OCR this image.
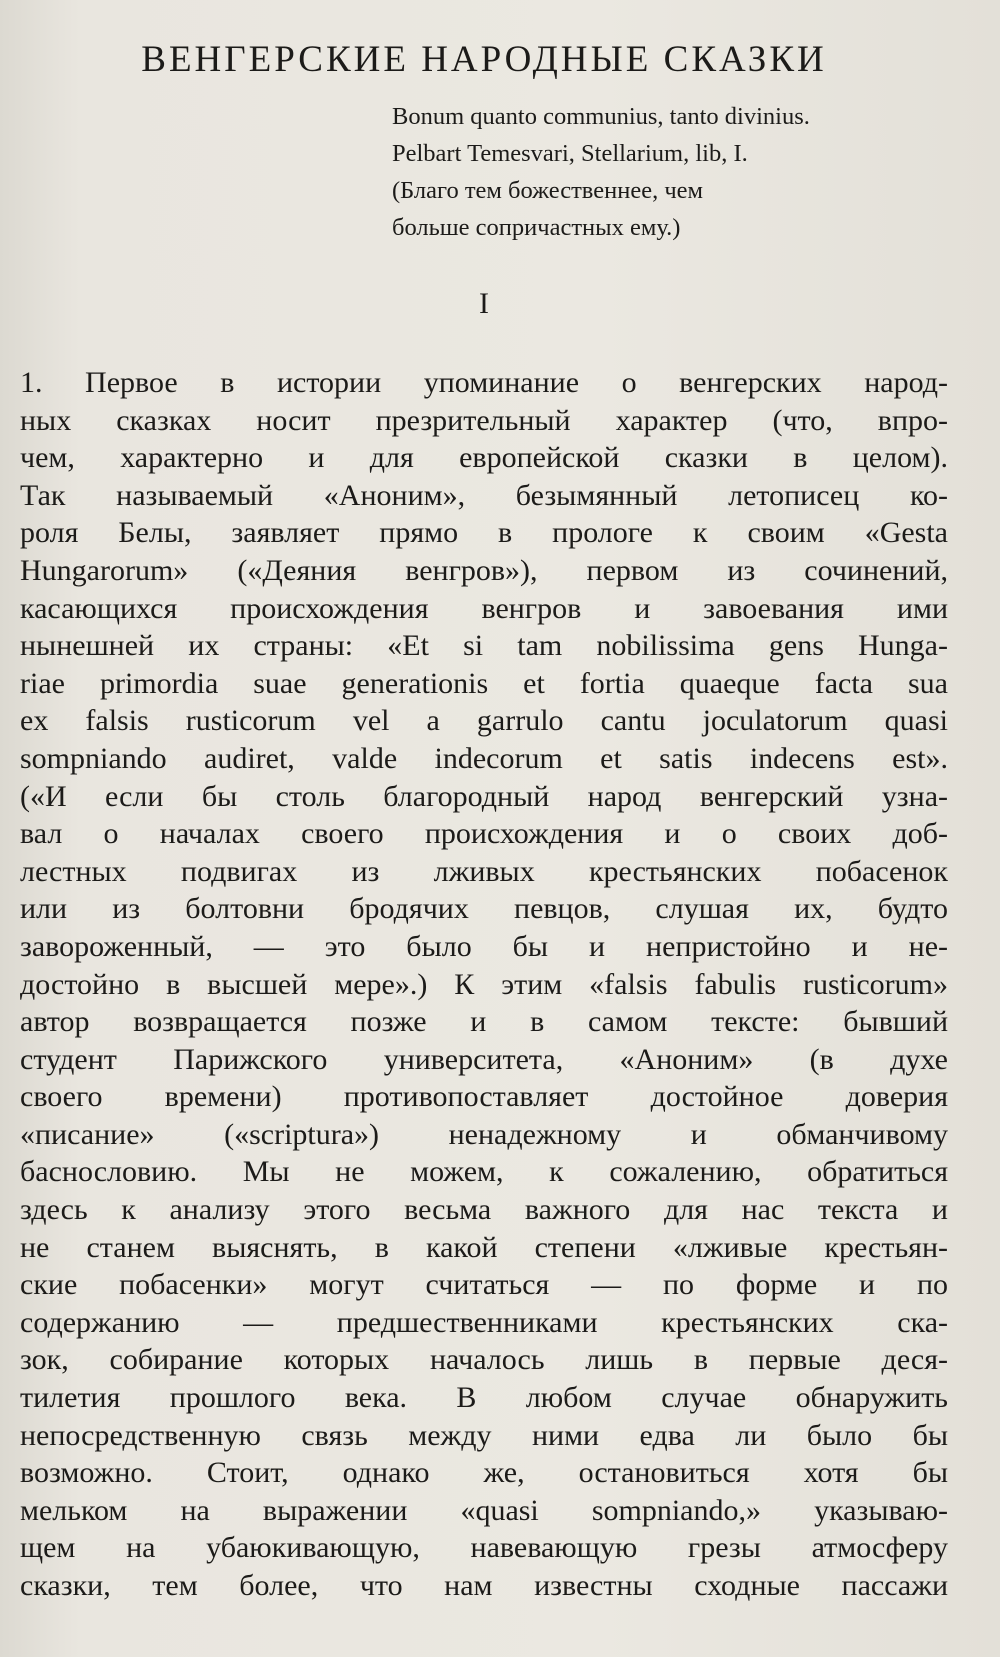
ВЕНГЕРСКИЕ НАРОДНЫЕ СКАЗКИ
Bonum quanto communius, tanto divinius.
Pelbart Temesvari, Stellarium, lib, I.
(Благо тем божественнее, чем
больше сопричастных ему.)
I
1. Первое в истории упоминание о венгерских народ-
ных сказках носит презрительный характер (что, впро-
чем, характерно и для европейской сказки в целом).
Так называемый «Аноним», безымянный летописец ко-
роля Белы, заявляет прямо в прологе к своим «Gesta
Hungarorum» («Деяния венгров»), первом из сочинений,
касающихся происхождения венгров и завоевания ими
нынешней их страны: «Et si tam nobilissima gens Hunga-
riae primordia suae generationis et fortia quaeque facta sua
ex falsis rusticorum vel a garrulo cantu joculatorum quasi
sompniando audiret, valde indecorum et satis indecens est».
(«И если бы столь благородный народ венгерский узна-
вал о началах своего происхождения и о своих доб-
лестных подвигах из лживых крестьянских побасенок
или из болтовни бродячих певцов, слушая их, будто
завороженный, — это было бы и непристойно и не-
достойно в высшей мере».) К этим «falsis fabulis rusticorum»
автор возвращается позже и в самом тексте: бывший
студент Парижского университета, «Аноним» (в духе
своего времени) противопоставляет достойное доверия
«писание» («scriptura») ненадежному и обманчивому
баснословию. Мы не можем, к сожалению, обратиться
здесь к анализу этого весьма важного для нас текста и
не станем выяснять, в какой степени «лживые крестьян-
ские побасенки» могут считаться — по форме и по
содержанию — предшественниками крестьянских ска-
зок, собирание которых началось лишь в первые деся-
тилетия прошлого века. В любом случае обнаружить
непосредственную связь между ними едва ли было бы
возможно. Стоит, однако же, остановиться хотя бы
мельком на выражении «quasi sompniando,» указываю-
щем на убаюкивающую, навевающую грезы атмосферу
сказки, тем более, что нам известны сходные пассажи
